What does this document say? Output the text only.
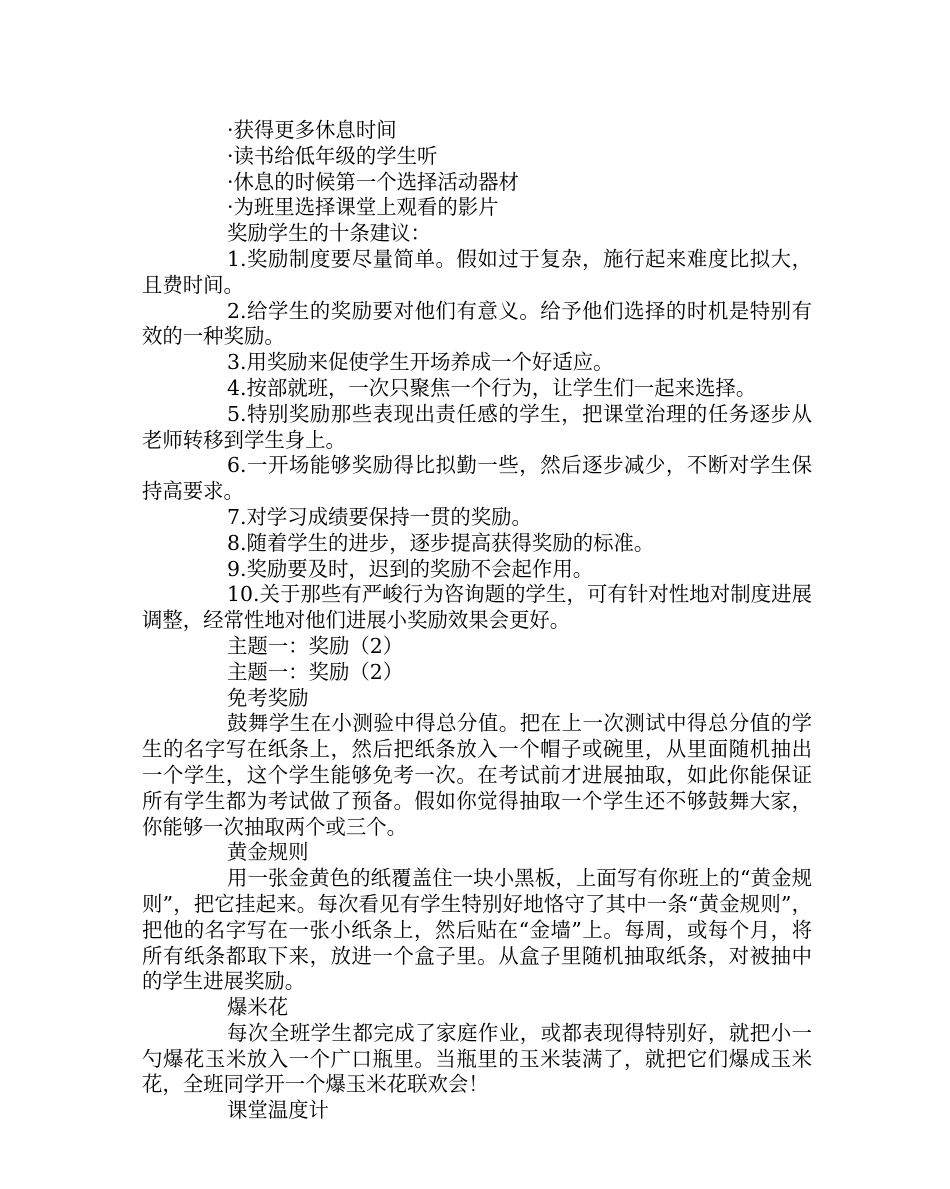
·获得更多休息时间

·读书给低年级的学生听

·休息的时候第一个选择活动器材

·为班里选择课堂上观看的影片

奖励学生的十条建议：

1.奖励制度要尽量简单。假如过于复杂，施行起来难度比拟大，且费时间。

2.给学生的奖励要对他们有意义。给予他们选择的时机是特别有效的一种奖励。

3.用奖励来促使学生开场养成一个好适应。

4.按部就班，一次只聚焦一个行为，让学生们一起来选择。

5.特别奖励那些表现出责任感的学生，把课堂治理的任务逐步从老师转移到学生身上。

6.一开场能够奖励得比拟勤一些，然后逐步减少，不断对学生保持高要求。

7.对学习成绩要保持一贯的奖励。

8.随着学生的进步，逐步提高获得奖励的标准。

9.奖励要及时，迟到的奖励不会起作用。

10.关于那些有严峻行为咨询题的学生，可有针对性地对制度进展调整，经常性地对他们进展小奖励效果会更好。

主题一：奖励（2）

主题一：奖励（2）

免考奖励

鼓舞学生在小测验中得总分值。把在上一次测试中得总分值的学生的名字写在纸条上，然后把纸条放入一个帽子或碗里，从里面随机抽出一个学生，这个学生能够免考一次。在考试前才进展抽取，如此你能保证所有学生都为考试做了预备。假如你觉得抽取一个学生还不够鼓舞大家，你能够一次抽取两个或三个。

黄金规则

用一张金黄色的纸覆盖住一块小黑板，上面写有你班上的“黄金规则”，把它挂起来。每次看见有学生特别好地恪守了其中一条“黄金规则”，把他的名字写在一张小纸条上，然后贴在“金墙”上。每周，或每个月，将所有纸条都取下来，放进一个盒子里。从盒子里随机抽取纸条，对被抽中的学生进展奖励。

爆米花

每次全班学生都完成了家庭作业，或都表现得特别好，就把小一勺爆花玉米放入一个广口瓶里。当瓶里的玉米装满了，就把它们爆成玉米花，全班同学开一个爆玉米花联欢会！

课堂温度计
